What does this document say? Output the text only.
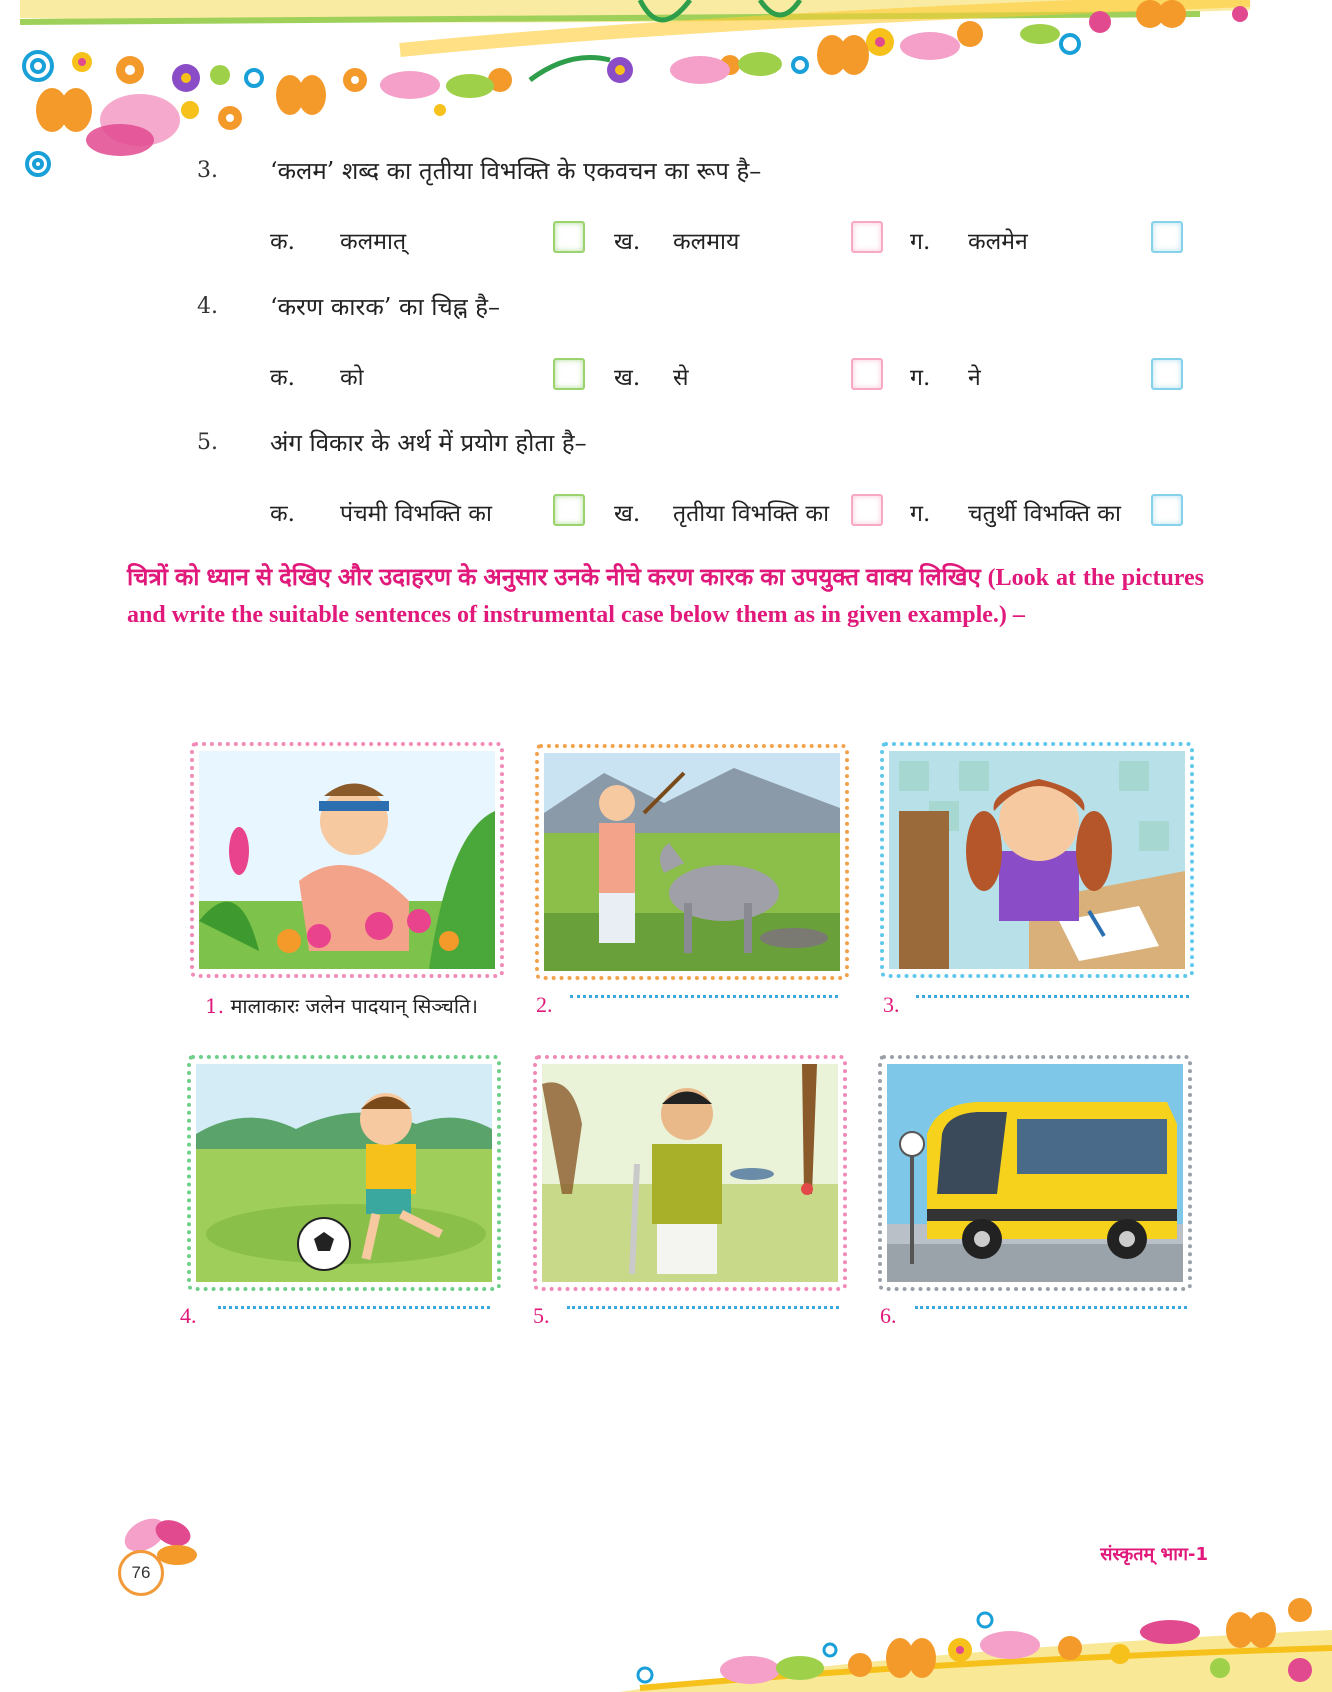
3.	‘कलम’ शब्द का तृतीया विभक्ति के एकवचन का रूप है–
क. कलमात्	ख. कलमाय	ग. कलमेन
4.	‘करण कारक’ का चिह्न है–
क. को	ख. से	ग. ने
5.	अंग विकार के अर्थ में प्रयोग होता है–
क. पंचमी विभक्ति का	ख. तृतीया विभक्ति का	ग. चतुर्थी विभक्ति का
चित्रों को ध्यान से देखिए और उदाहरण के अनुसार उनके नीचे करण कारक का उपयुक्त वाक्य लिखिए (Look at the pictures and write the suitable sentences of instrumental case below them as in given example.) –
1. मालाकारः जलेन पादयान् सिञ्चति।	2.	3.
4.	5.	6.
76
संस्कृतम् भाग-1
